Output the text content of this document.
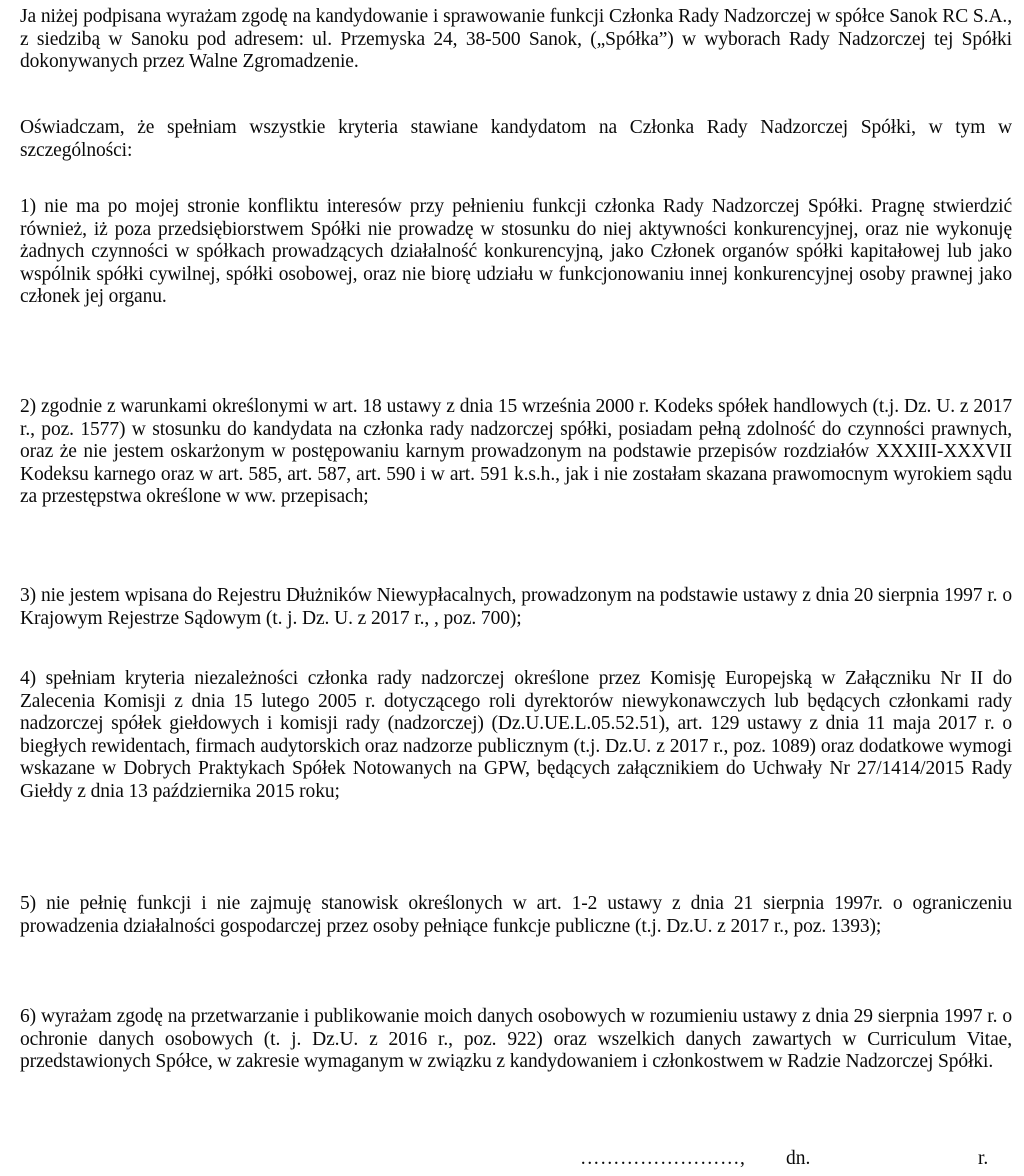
Ja niżej podpisana wyrażam zgodę na kandydowanie i sprawowanie funkcji Członka Rady Nadzorczej w spółce Sanok RC S.A., z siedzibą w Sanoku pod adresem: ul. Przemyska 24, 38-500 Sanok, („Spółka”) w wyborach Rady Nadzorczej tej Spółki dokonywanych przez Walne Zgromadzenie.

Oświadczam, że spełniam wszystkie kryteria stawiane kandydatom na Członka Rady Nadzorczej Spółki, w tym w szczególności:

1) nie ma po mojej stronie konfliktu interesów przy pełnieniu funkcji członka Rady Nadzorczej Spółki. Pragnę stwierdzić również, iż poza przedsiębiorstwem Spółki nie prowadzę w stosunku do niej aktywności konkurencyjnej, oraz nie wykonuję żadnych czynności w spółkach prowadzących działalność konkurencyjną, jako Członek organów spółki kapitałowej lub jako wspólnik spółki cywilnej, spółki osobowej, oraz nie biorę udziału w funkcjonowaniu innej konkurencyjnej osoby prawnej jako członek jej organu.

2) zgodnie z warunkami określonymi w art. 18 ustawy z dnia 15 września 2000 r. Kodeks spółek handlowych (t.j. Dz. U. z 2017 r., poz. 1577) w stosunku do kandydata na członka rady nadzorczej spółki, posiadam pełną zdolność do czynności prawnych, oraz że nie jestem oskarżonym w postępowaniu karnym prowadzonym na podstawie przepisów rozdziałów XXXIII-XXXVII Kodeksu karnego oraz w art. 585, art. 587, art. 590 i w art. 591 k.s.h., jak i nie zostałam skazana prawomocnym wyrokiem sądu za przestępstwa określone w ww. przepisach;

3) nie jestem wpisana do Rejestru Dłużników Niewypłacalnych, prowadzonym na podstawie ustawy z dnia 20 sierpnia 1997 r. o Krajowym Rejestrze Sądowym (t. j. Dz. U. z 2017 r., , poz. 700);

4) spełniam kryteria niezależności członka rady nadzorczej określone przez Komisję Europejską w Załączniku Nr II do Zalecenia Komisji z dnia 15 lutego 2005 r. dotyczącego roli dyrektorów niewykonawczych lub będących członkami rady nadzorczej spółek giełdowych i komisji rady (nadzorczej) (Dz.U.UE.L.05.52.51), art. 129 ustawy z dnia 11 maja 2017 r. o biegłych rewidentach, firmach audytorskich oraz nadzorze publicznym (t.j. Dz.U. z 2017 r., poz. 1089) oraz dodatkowe wymogi wskazane w Dobrych Praktykach Spółek Notowanych na GPW, będących załącznikiem do Uchwały Nr 27/1414/2015 Rady Giełdy z dnia 13 października 2015 roku;

5) nie pełnię funkcji i nie zajmuję stanowisk określonych w art. 1-2 ustawy z dnia 21 sierpnia 1997r. o ograniczeniu prowadzenia działalności gospodarczej przez osoby pełniące funkcje publiczne (t.j. Dz.U. z 2017 r., poz. 1393);

6) wyrażam zgodę na przetwarzanie i publikowanie moich danych osobowych w rozumieniu ustawy z dnia 29 sierpnia 1997 r. o ochronie danych osobowych (t. j. Dz.U. z 2016 r., poz. 922) oraz wszelkich danych zawartych w Curriculum Vitae, przedstawionych Spółce, w zakresie wymaganym w związku z kandydowaniem i członkostwem w Radzie Nadzorczej Spółki.

……………………, dn.	r.
